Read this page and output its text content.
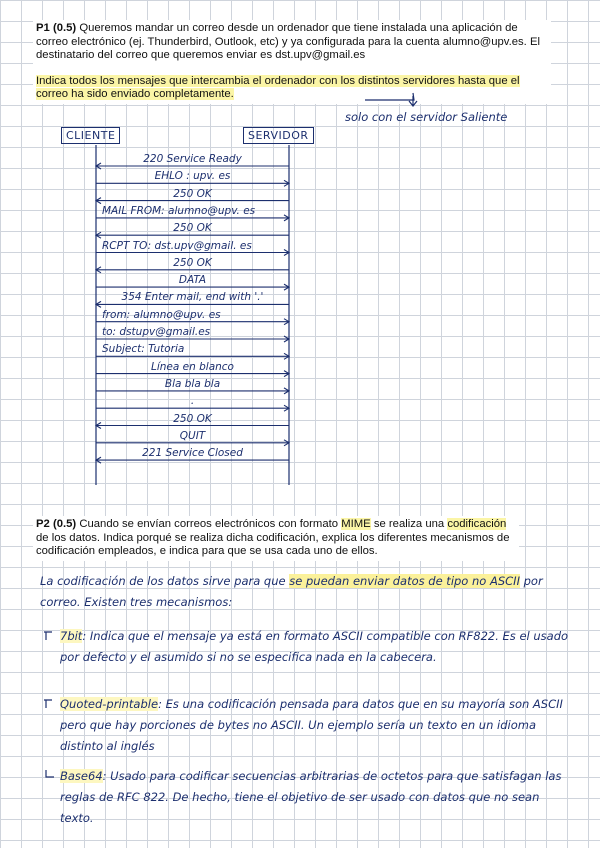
P1 (0.5) Queremos mandar un correo desde un ordenador que tiene instalada una aplicación de correo electrónico (ej. Thunderbird, Outlook, etc) y ya configurada para la cuenta alumno@upv.es. El destinatario del correo que queremos enviar es dst.upv@gmail.es

Indica todos los mensajes que intercambia el ordenador con los distintos servidores hasta que el correo ha sido enviado completamente.

solo con el servidor Saliente
CLIENTE	SERVIDOR
220 Service Ready
EHLO : upv. es
250 OK
MAIL FROM: alumno@upv. es
250 OK
RCPT TO: dst.upv@gmail. es
250 OK
DATA
354 Enter mail, end with '.'
from: alumno@upv. es
to: dstupv@gmail.es
Subject: Tutoria
Línea en blanco
Bla bla bla
.
250 OK
QUIT
221 Service Closed

P2 (0.5) Cuando se envían correos electrónicos con formato MIME se realiza una codificación de los datos. Indica porqué se realiza dicha codificación, explica los diferentes mecanismos de codificación empleados, e indica para que se usa cada uno de ellos.

La codificación de los datos sirve para que se puedan enviar datos de tipo no ASCII por correo. Existen tres mecanismos:
7bit: Indica que el mensaje ya está en formato ASCII compatible con RF822. Es el usado por defecto y el asumido si no se especifica nada en la cabecera.
Quoted-printable: Es una codificación pensada para datos que en su mayoría son ASCII pero que hay porciones de bytes no ASCII. Un ejemplo sería un texto en un idioma distinto al inglés
Base64: Usado para codificar secuencias arbitrarias de octetos para que satisfagan las reglas de RFC 822. De hecho, tiene el objetivo de ser usado con datos que no sean texto.
